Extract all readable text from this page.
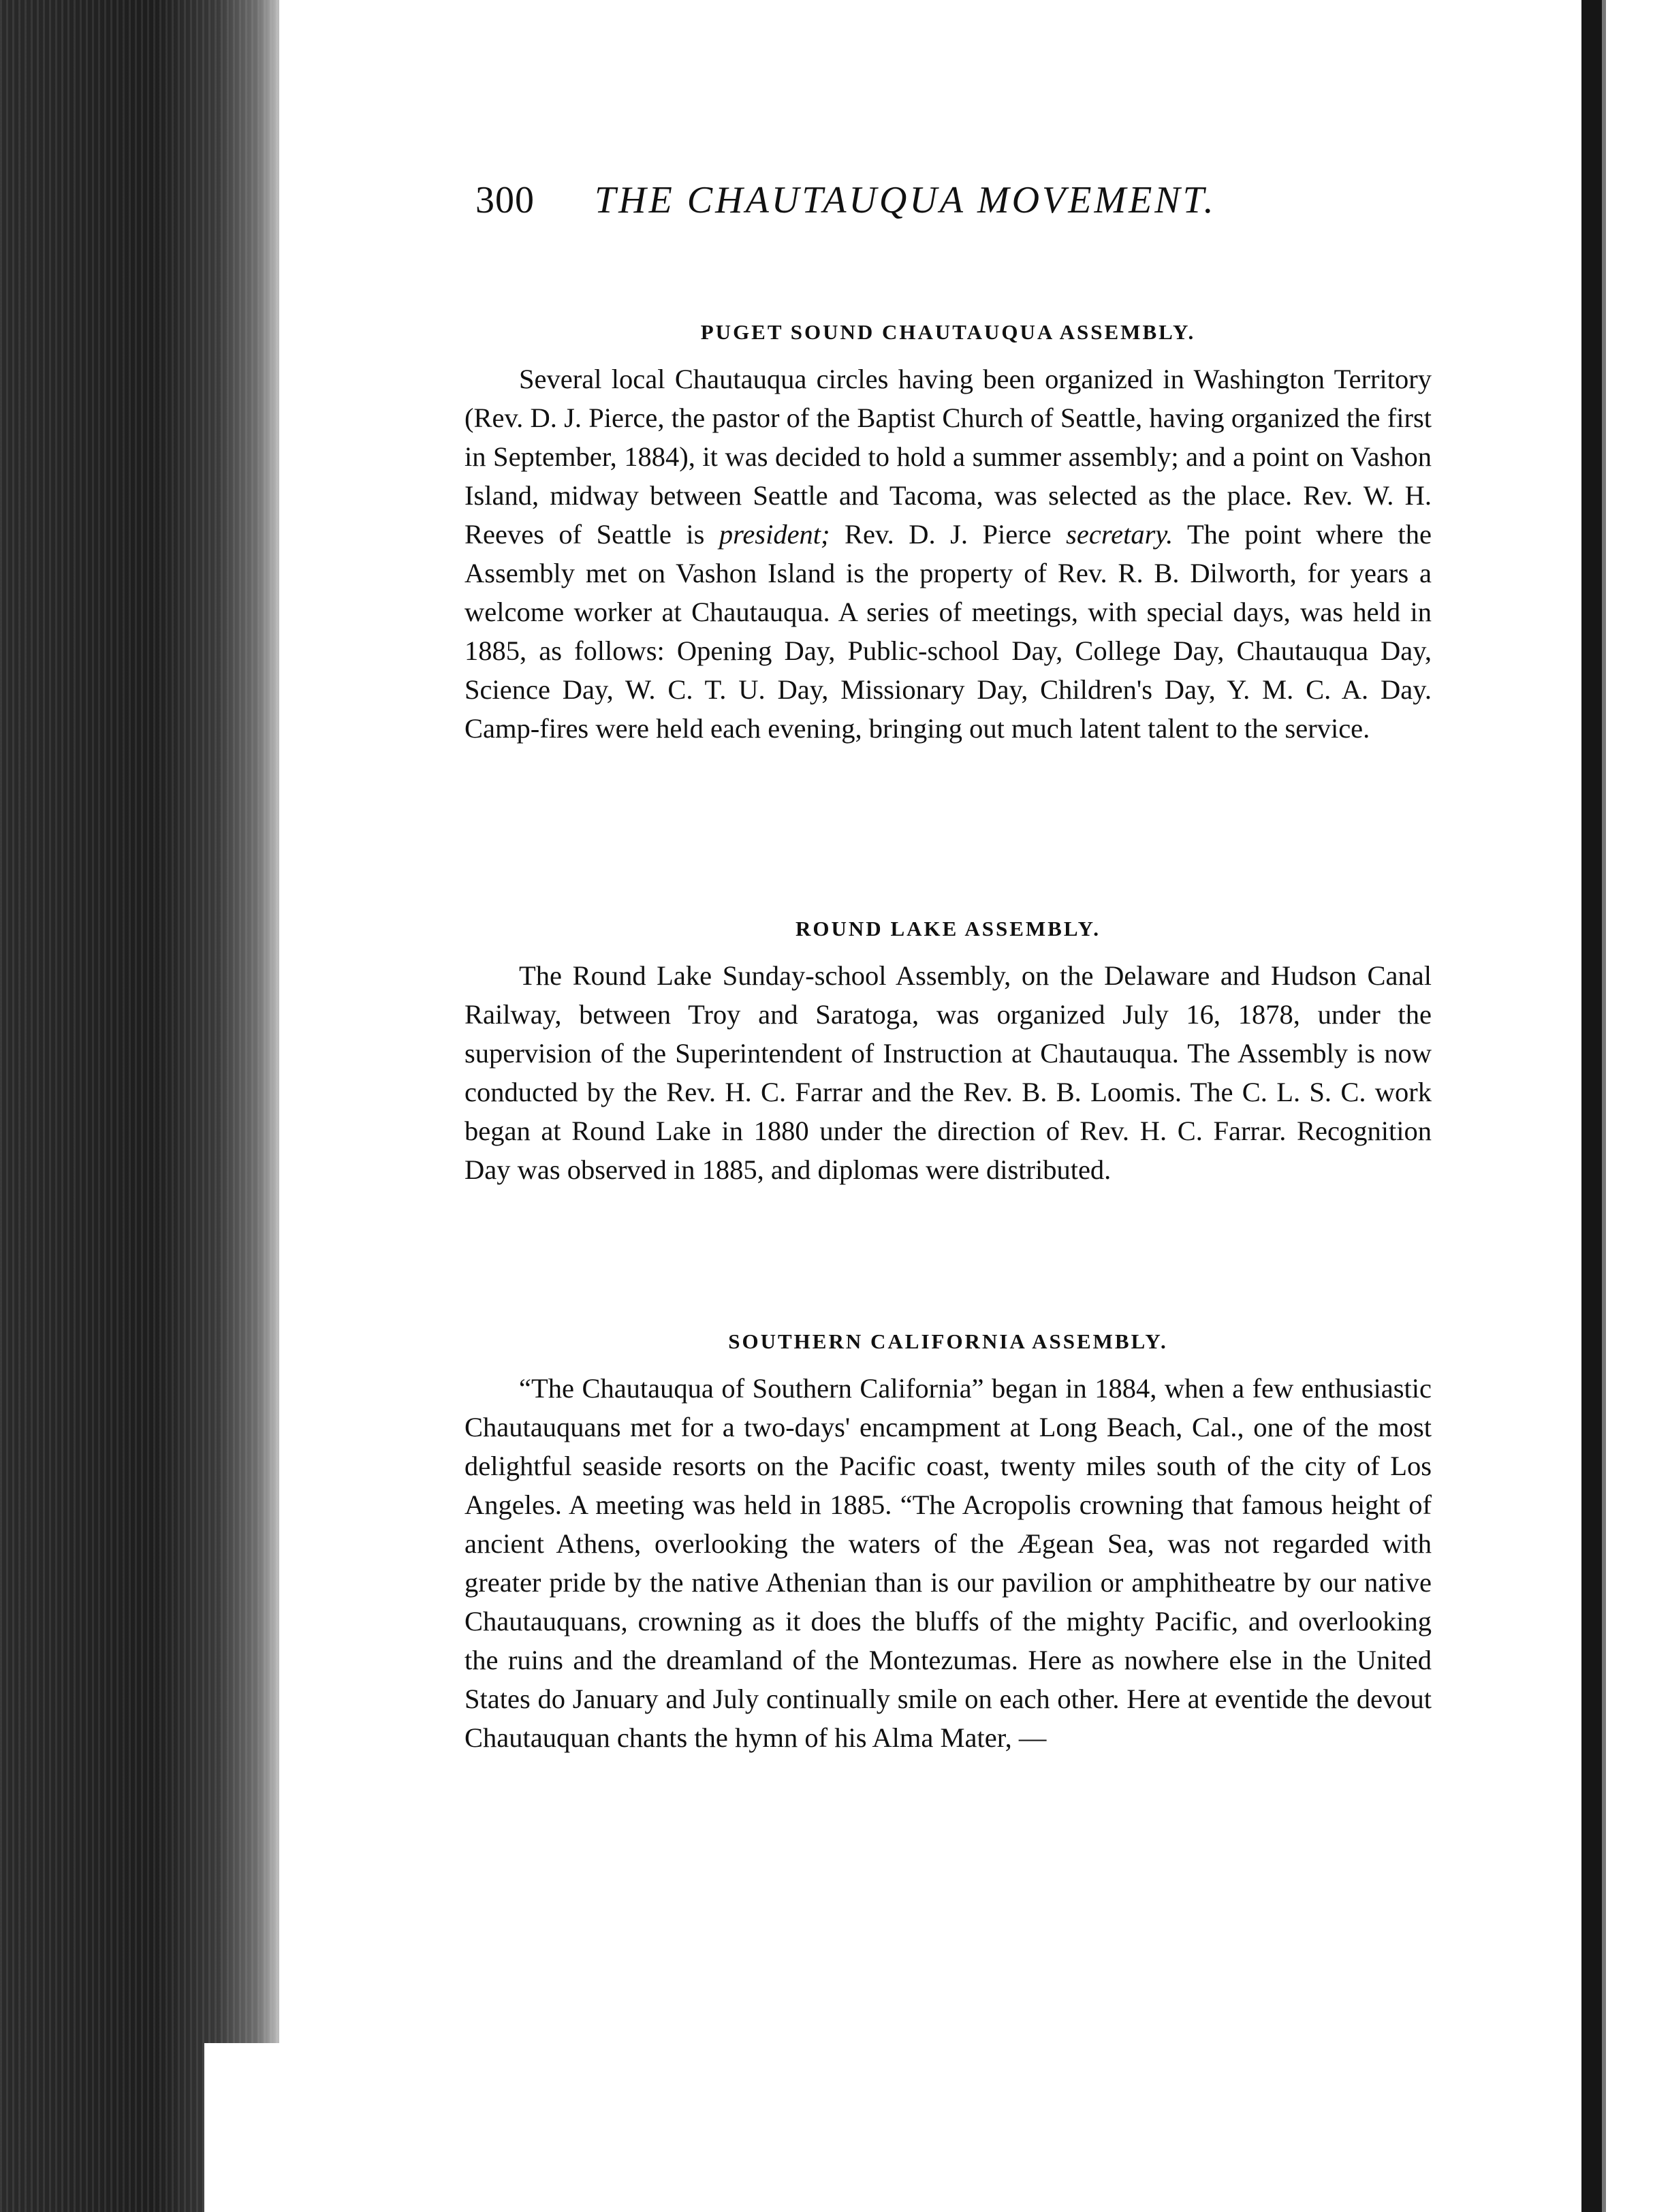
300 THE CHAUTAUQUA MOVEMENT.
PUGET SOUND CHAUTAUQUA ASSEMBLY.

Several local Chautauqua circles having been organized in Washington Territory (Rev. D. J. Pierce, the pastor of the Baptist Church of Seattle, having organized the first in September, 1884), it was decided to hold a summer assembly; and a point on Vashon Island, midway between Seattle and Tacoma, was selected as the place. Rev. W. H. Reeves of Seattle is president; Rev. D. J. Pierce secretary. The point where the Assembly met on Vashon Island is the property of Rev. R. B. Dilworth, for years a welcome worker at Chautauqua. A series of meetings, with special days, was held in 1885, as follows: Opening Day, Public-school Day, College Day, Chautauqua Day, Science Day, W. C. T. U. Day, Missionary Day, Children's Day, Y. M. C. A. Day. Camp-fires were held each evening, bringing out much latent talent to the service.

ROUND LAKE ASSEMBLY.

The Round Lake Sunday-school Assembly, on the Delaware and Hudson Canal Railway, between Troy and Saratoga, was organized July 16, 1878, under the supervision of the Superintendent of Instruction at Chautauqua. The Assembly is now conducted by the Rev. H. C. Farrar and the Rev. B. B. Loomis. The C. L. S. C. work began at Round Lake in 1880 under the direction of Rev. H. C. Farrar. Recognition Day was observed in 1885, and diplomas were distributed.

SOUTHERN CALIFORNIA ASSEMBLY.

“The Chautauqua of Southern California” began in 1884, when a few enthusiastic Chautauquans met for a two-days' encampment at Long Beach, Cal., one of the most delightful seaside resorts on the Pacific coast, twenty miles south of the city of Los Angeles. A meeting was held in 1885. “The Acropolis crowning that famous height of ancient Athens, overlooking the waters of the Ægean Sea, was not regarded with greater pride by the native Athenian than is our pavilion or amphitheatre by our native Chautauquans, crowning as it does the bluffs of the mighty Pacific, and overlooking the ruins and the dreamland of the Montezumas. Here as nowhere else in the United States do January and July continually smile on each other. Here at eventide the devout Chautauquan chants the hymn of his Alma Mater, —
